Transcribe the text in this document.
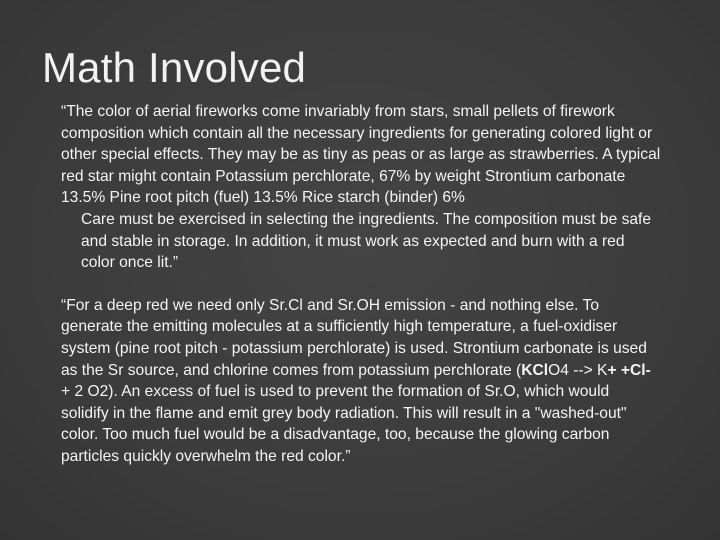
Math Involved

“The color of aerial fireworks come invariably from stars, small pellets of firework composition which contain all the necessary ingredients for generating colored light or other special effects. They may be as tiny as peas or as large as strawberries. A typical red star might contain Potassium perchlorate, 67% by weight Strontium carbonate 13.5% Pine root pitch (fuel) 13.5% Rice starch (binder) 6%

Care must be exercised in selecting the ingredients. The composition must be safe and stable in storage. In addition, it must work as expected and burn with a red color once lit.”

“For a deep red we need only Sr.Cl and Sr.OH emission - and nothing else. To generate the emitting molecules at a sufficiently high temperature, a fuel-oxidiser system (pine root pitch - potassium perchlorate) is used. Strontium carbonate is used as the Sr source, and chlorine comes from potassium perchlorate (KClO4 --> K+ +Cl- + 2 O2). An excess of fuel is used to prevent the formation of Sr.O, which would solidify in the flame and emit grey body radiation. This will result in a "washed-out" color. Too much fuel would be a disadvantage, too, because the glowing carbon particles quickly overwhelm the red color.”
